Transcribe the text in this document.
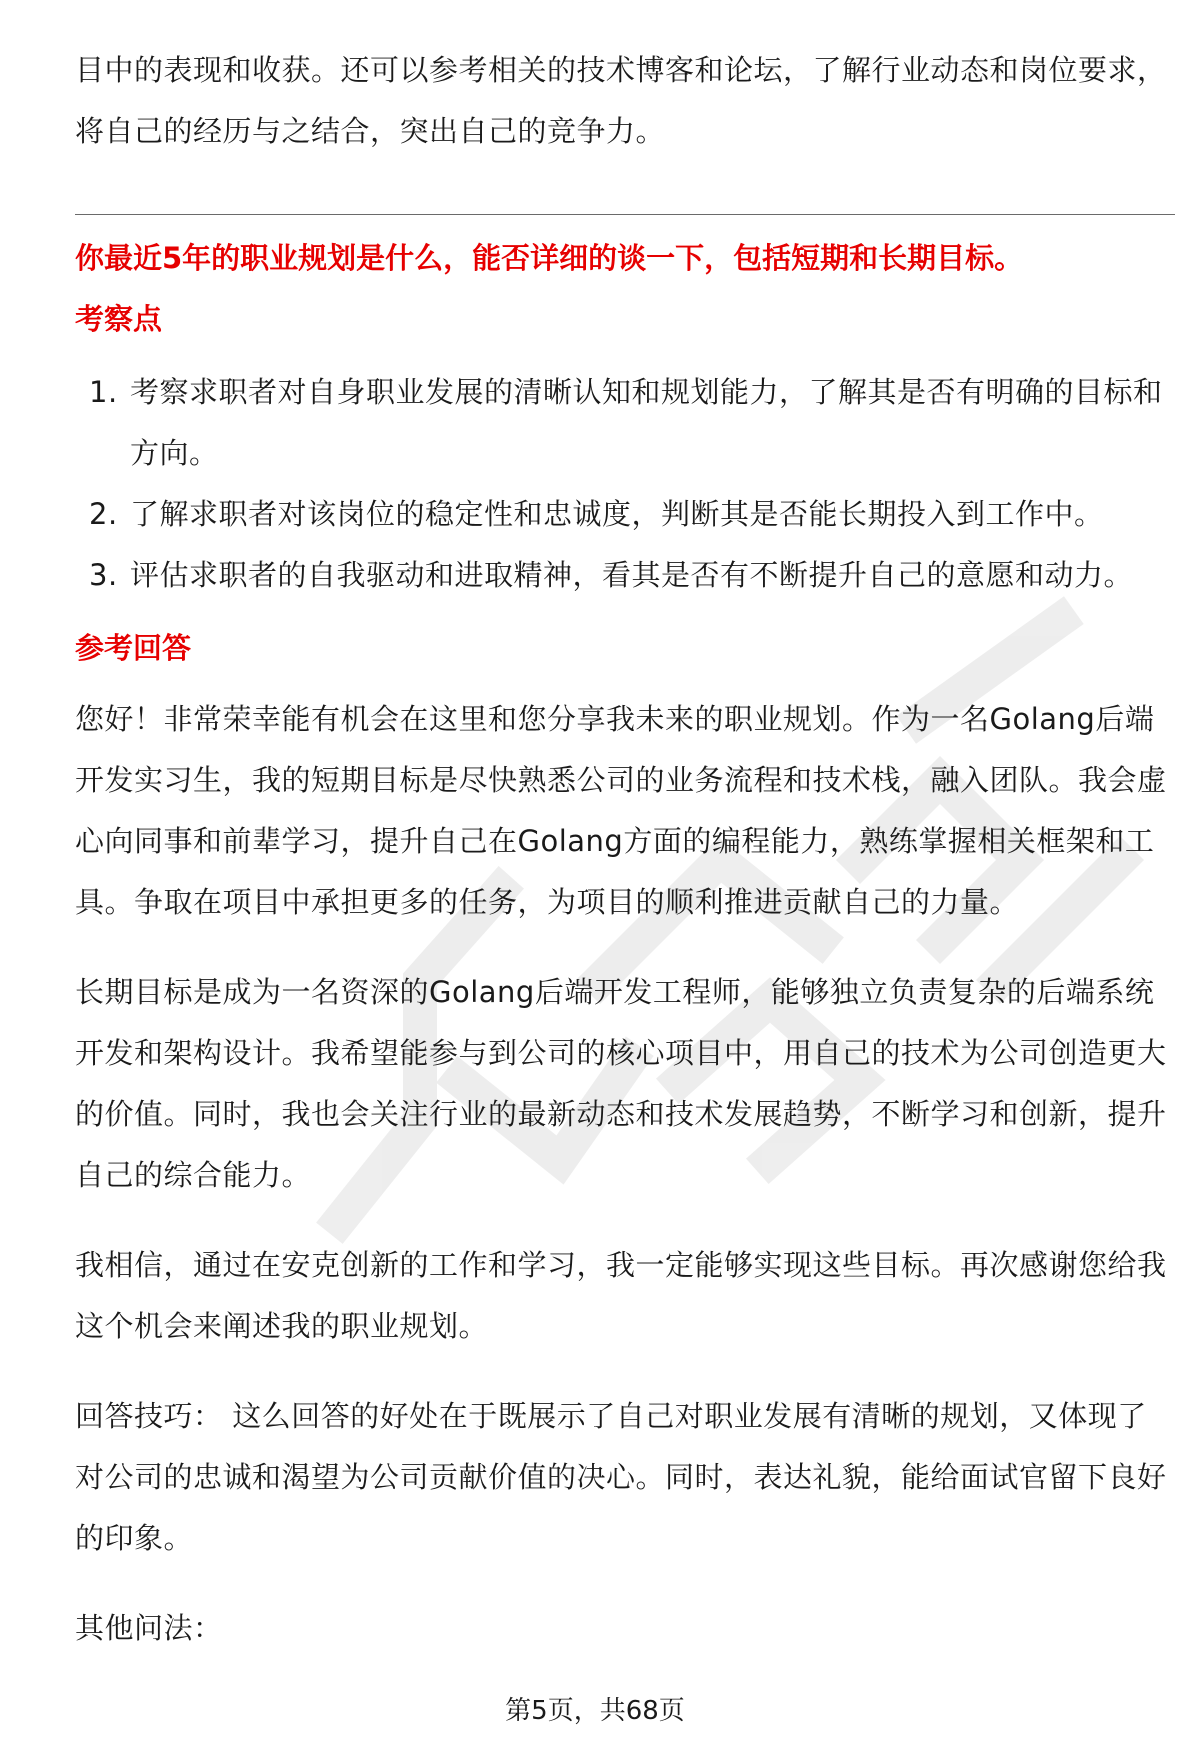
目中的表现和收获。还可以参考相关的技术博客和论坛，了解行业动态和岗位要求，将自己的经历与之结合，突出自己的竞争力。

你最近5年的职业规划是什么，能否详细的谈一下，包括短期和长期目标。
考察点
1. 考察求职者对自身职业发展的清晰认知和规划能力，了解其是否有明确的目标和方向。
2. 了解求职者对该岗位的稳定性和忠诚度，判断其是否能长期投入到工作中。
3. 评估求职者的自我驱动和进取精神，看其是否有不断提升自己的意愿和动力。
参考回答

您好！非常荣幸能有机会在这里和您分享我未来的职业规划。作为一名Golang后端开发实习生，我的短期目标是尽快熟悉公司的业务流程和技术栈，融入团队。我会虚心向同事和前辈学习，提升自己在Golang方面的编程能力，熟练掌握相关框架和工具。争取在项目中承担更多的任务，为项目的顺利推进贡献自己的力量。

长期目标是成为一名资深的Golang后端开发工程师，能够独立负责复杂的后端系统开发和架构设计。我希望能参与到公司的核心项目中，用自己的技术为公司创造更大的价值。同时，我也会关注行业的最新动态和技术发展趋势，不断学习和创新，提升自己的综合能力。

我相信，通过在安克创新的工作和学习，我一定能够实现这些目标。再次感谢您给我这个机会来阐述我的职业规划。

回答技巧： 这么回答的好处在于既展示了自己对职业发展有清晰的规划，又体现了对公司的忠诚和渴望为公司贡献价值的决心。同时，表达礼貌，能给面试官留下良好的印象。

其他问法：

第5页，共68页
